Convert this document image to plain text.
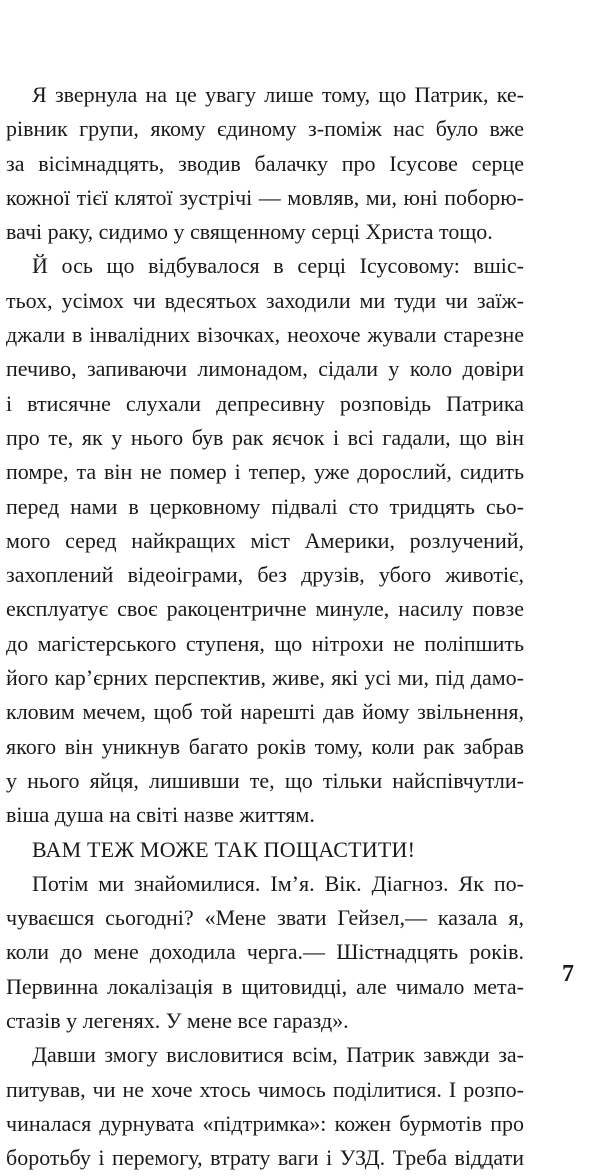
Я звернула на це увагу лише тому, що Патрик, ке-
рівник групи, якому єдиному з-поміж нас було вже
за вісімнадцять, зводив балачку про Ісусове серце
кожної тієї клятої зустрічі — мовляв, ми, юні поборю-
вачі раку, сидимо у священному серці Христа тощо.
Й ось що відбувалося в серці Ісусовому: вшіс-
тьох, усімох чи вдесятьох заходили ми туди чи заїж-
джали в інвалідних візочках, неохоче жували старезне
печиво, запиваючи лимонадом, сідали у коло довіри
і втисячне слухали депресивну розповідь Патрика
про те, як у нього був рак яєчок і всі гадали, що він
помре, та він не помер і тепер, уже дорослий, сидить
перед нами в церковному підвалі сто тридцять сьо-
мого серед найкращих міст Америки, розлучений,
захоплений відеоіграми, без друзів, убого животіє,
експлуатує своє ракоцентричне минуле, насилу повзе
до магістерського ступеня, що нітрохи не поліпшить
його кар’єрних перспектив, живе, які усі ми, під дамо-
кловим мечем, щоб той нарешті дав йому звільнення,
якого він уникнув багато років тому, коли рак забрав
у нього яйця, лишивши те, що тільки найспівчутли-
віша душа на світі назве життям.
ВАМ ТЕЖ МОЖЕ ТАК ПОЩАСТИТИ!
Потім ми знайомилися. Ім’я. Вік. Діагноз. Як по-
чуваєшся сьогодні? «Мене звати Гейзел,— казала я,
коли до мене доходила черга.— Шістнадцять років.
Первинна локалізація в щитовидці, але чимало мета-
стазів у легенях. У мене все гаразд».
Давши змогу висловитися всім, Патрик завжди за-
питував, чи не хоче хтось чимось поділитися. І розпо-
чиналася дурнувата «підтримка»: кожен бурмотів про
боротьбу і перемогу, втрату ваги і УЗД. Треба віддати
7
